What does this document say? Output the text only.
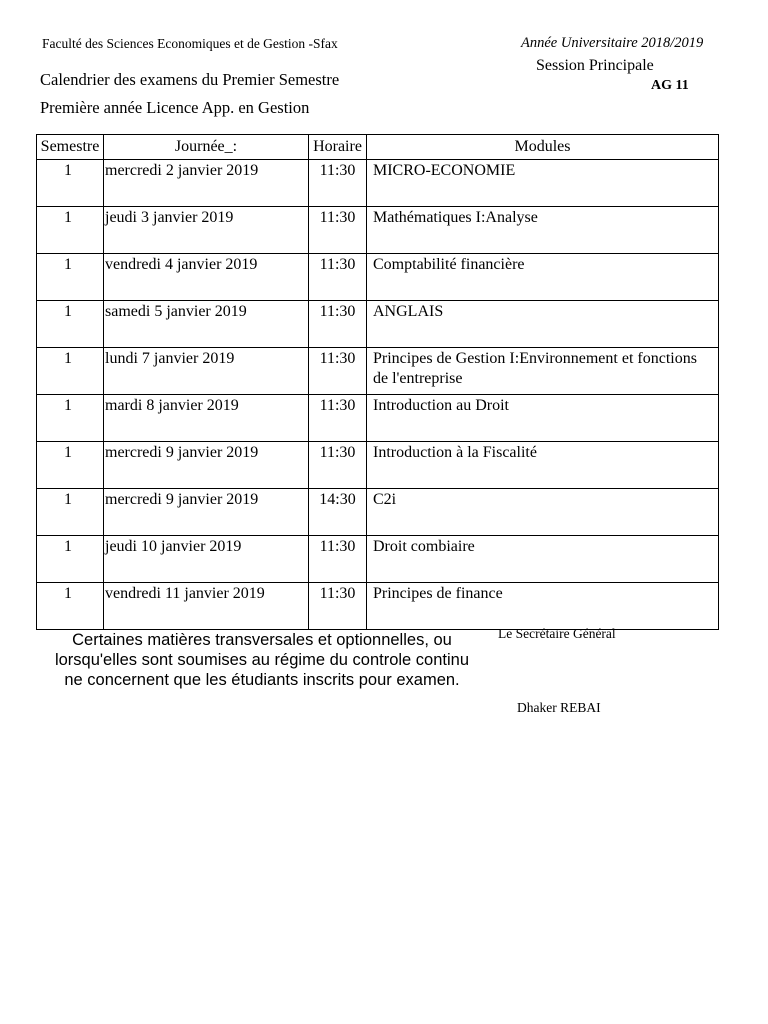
Faculté des Sciences Economiques et de Gestion -Sfax	Année Universitaire 2018/2019
Calendrier des examens du Premier Semestre
Session Principale
AG 11
Première année Licence App. en Gestion
Semestre	Journée_:	Horaire	Modules
1	mercredi 2 janvier 2019	11:30	MICRO-ECONOMIE
1	jeudi 3 janvier 2019	11:30	Mathématiques I:Analyse
1	vendredi 4 janvier 2019	11:30	Comptabilité financière
1	samedi 5 janvier 2019	11:30	ANGLAIS
1	lundi 7 janvier 2019	11:30	Principes de Gestion I:Environnement et fonctions de l'entreprise
1	mardi 8 janvier 2019	11:30	Introduction au Droit
1	mercredi 9 janvier 2019	11:30	Introduction à la Fiscalité
1	mercredi 9 janvier 2019	14:30	C2i
1	jeudi 10 janvier 2019	11:30	Droit combiaire
1	vendredi 11 janvier 2019	11:30	Principes de finance
Certaines matières transversales et optionnelles, ou lorsqu'elles sont soumises au régime du controle continu ne concernent que les étudiants inscrits pour examen.
Le Secrétaire Général
Dhaker REBAI
